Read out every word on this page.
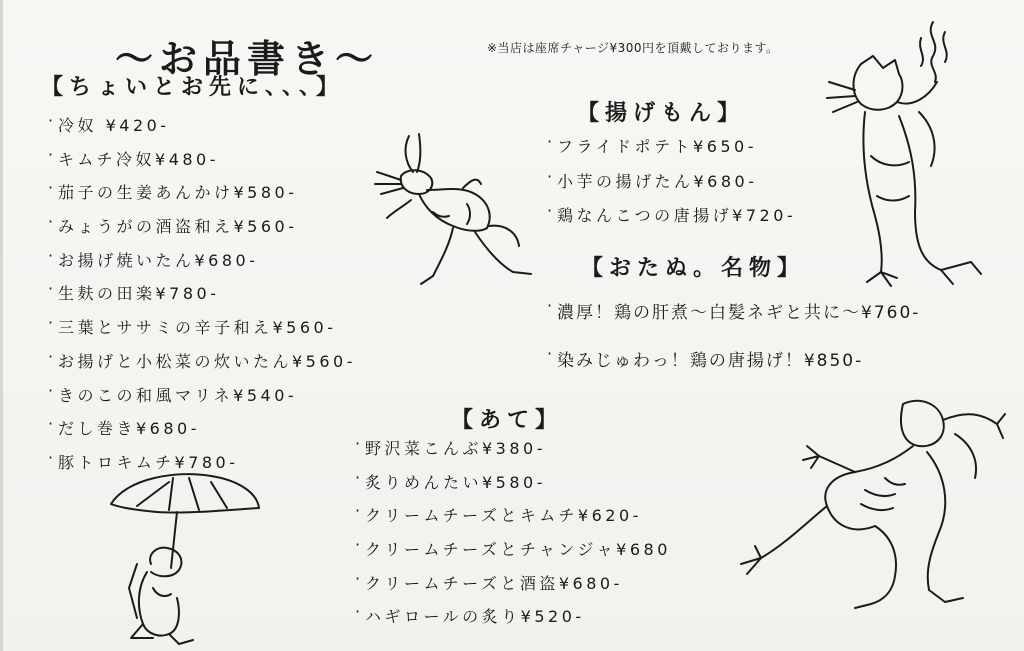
〜お品書き〜	※当店は座席チャージ¥300円を頂戴しております。
【ちょいとお先に、、、】
· 冷奴 ¥420-
· キムチ冷奴¥480-
· 茄子の生姜あんかけ¥580-
· みょうがの酒盗和え¥560-
· お揚げ焼いたん¥680-
· 生麸の田楽¥780-
· 三葉とササミの辛子和え¥560-
· お揚げと小松菜の炊いたん¥560-
· きのこの和風マリネ¥540-
· だし巻き¥680-
· 豚トロキムチ¥780-
【揚げもん】
· フライドポテト¥650-
· 小芋の揚げたん¥680-
· 鶏なんこつの唐揚げ¥720-
【おたぬ。名物】
· 濃厚！鶏の肝煮〜白髪ネギと共に〜¥760-
· 染みじゅわっ！鶏の唐揚げ！¥850-
【あて】
· 野沢菜こんぶ¥380-
· 炙りめんたい¥580-
· クリームチーズとキムチ¥620-
· クリームチーズとチャンジャ¥680
· クリームチーズと酒盗¥680-
· ハギロールの炙り¥520-
